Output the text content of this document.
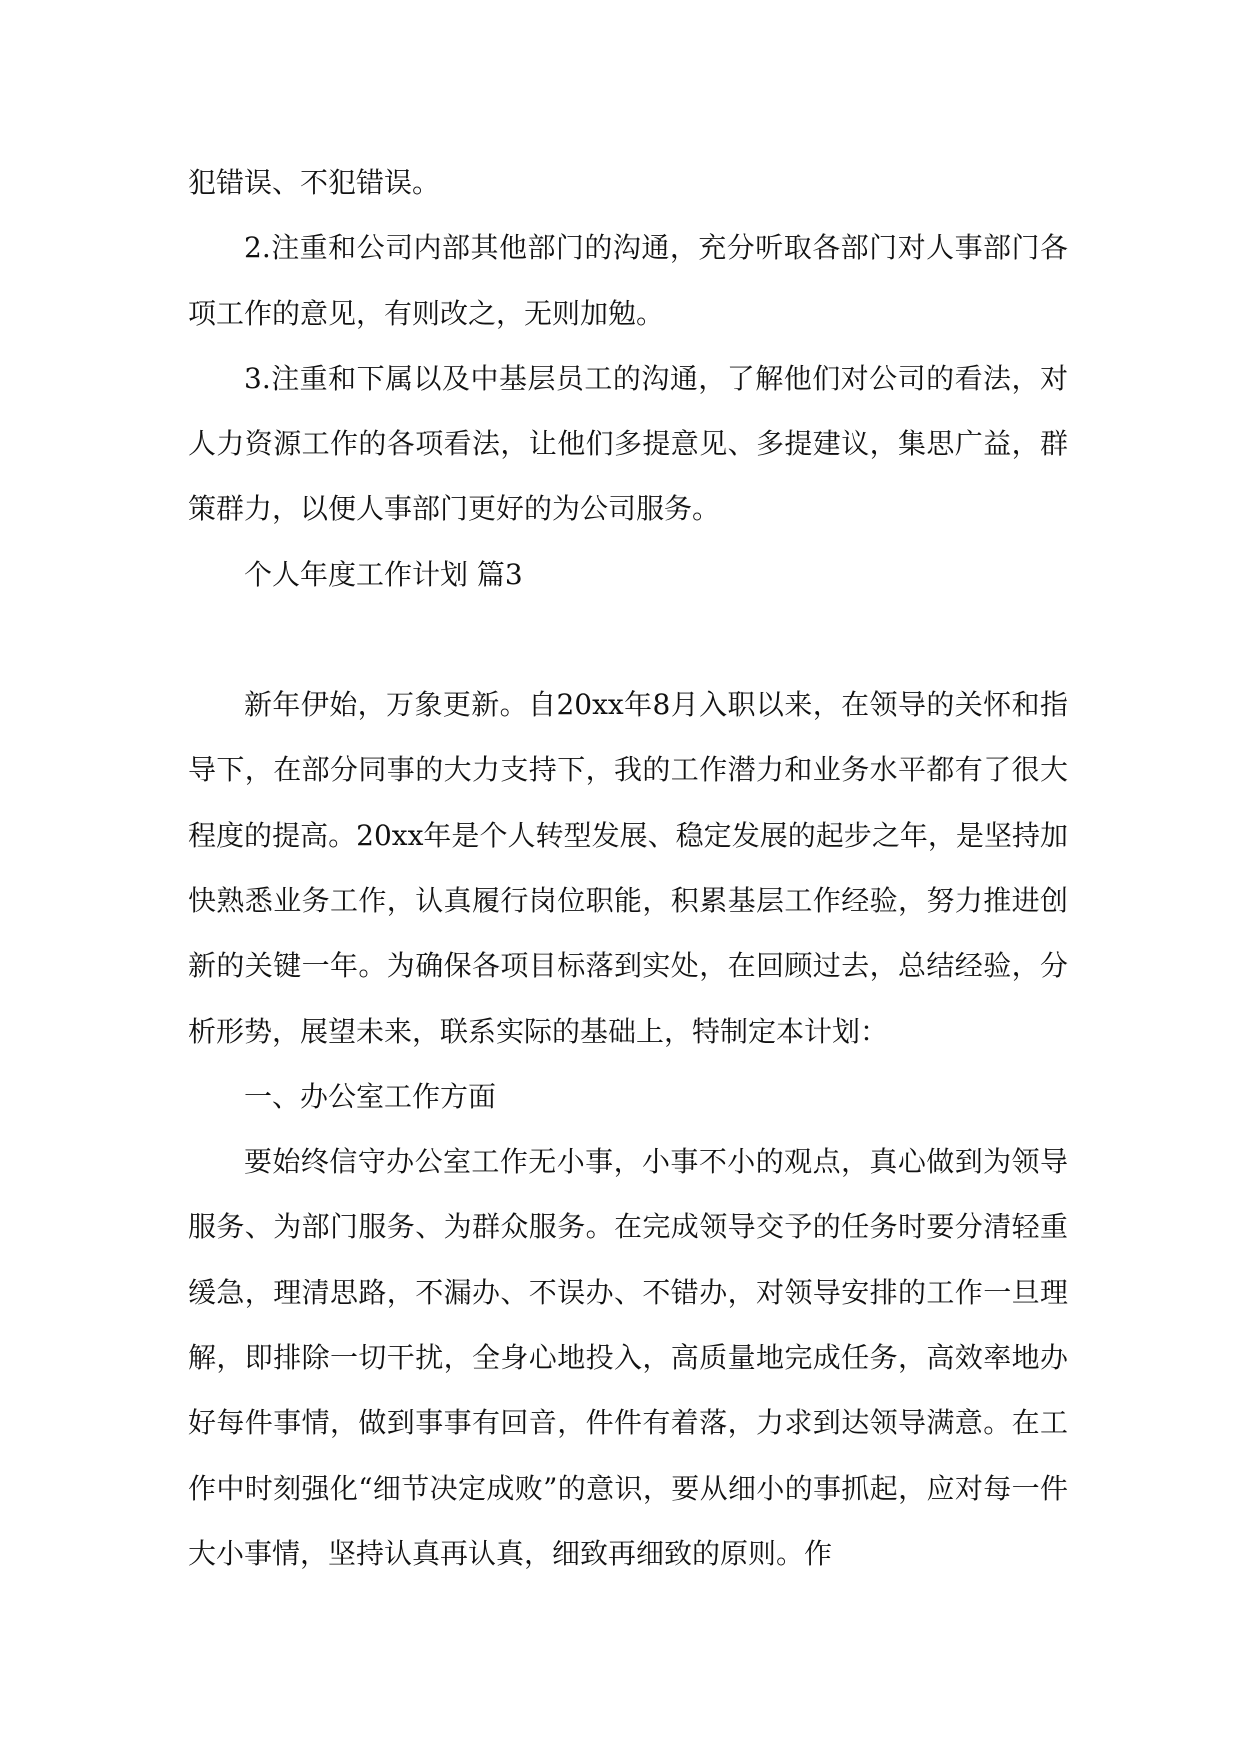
犯错误、不犯错误。

2.注重和公司内部其他部门的沟通，充分听取各部门对人事部门各项工作的意见，有则改之，无则加勉。

3.注重和下属以及中基层员工的沟通，了解他们对公司的看法，对人力资源工作的各项看法，让他们多提意见、多提建议，集思广益，群策群力，以便人事部门更好的为公司服务。

个人年度工作计划 篇3

新年伊始，万象更新。自20xx年8月入职以来，在领导的关怀和指导下，在部分同事的大力支持下，我的工作潜力和业务水平都有了很大程度的提高。20xx年是个人转型发展、稳定发展的起步之年，是坚持加快熟悉业务工作，认真履行岗位职能，积累基层工作经验，努力推进创新的关键一年。为确保各项目标落到实处，在回顾过去，总结经验，分析形势，展望未来，联系实际的基础上，特制定本计划：

一、办公室工作方面

要始终信守办公室工作无小事，小事不小的观点，真心做到为领导服务、为部门服务、为群众服务。在完成领导交予的任务时要分清轻重缓急，理清思路，不漏办、不误办、不错办，对领导安排的工作一旦理解，即排除一切干扰，全身心地投入，高质量地完成任务，高效率地办好每件事情，做到事事有回音，件件有着落，力求到达领导满意。在工作中时刻强化“细节决定成败”的意识，要从细小的事抓起，应对每一件大小事情，坚持认真再认真，细致再细致的原则。作
